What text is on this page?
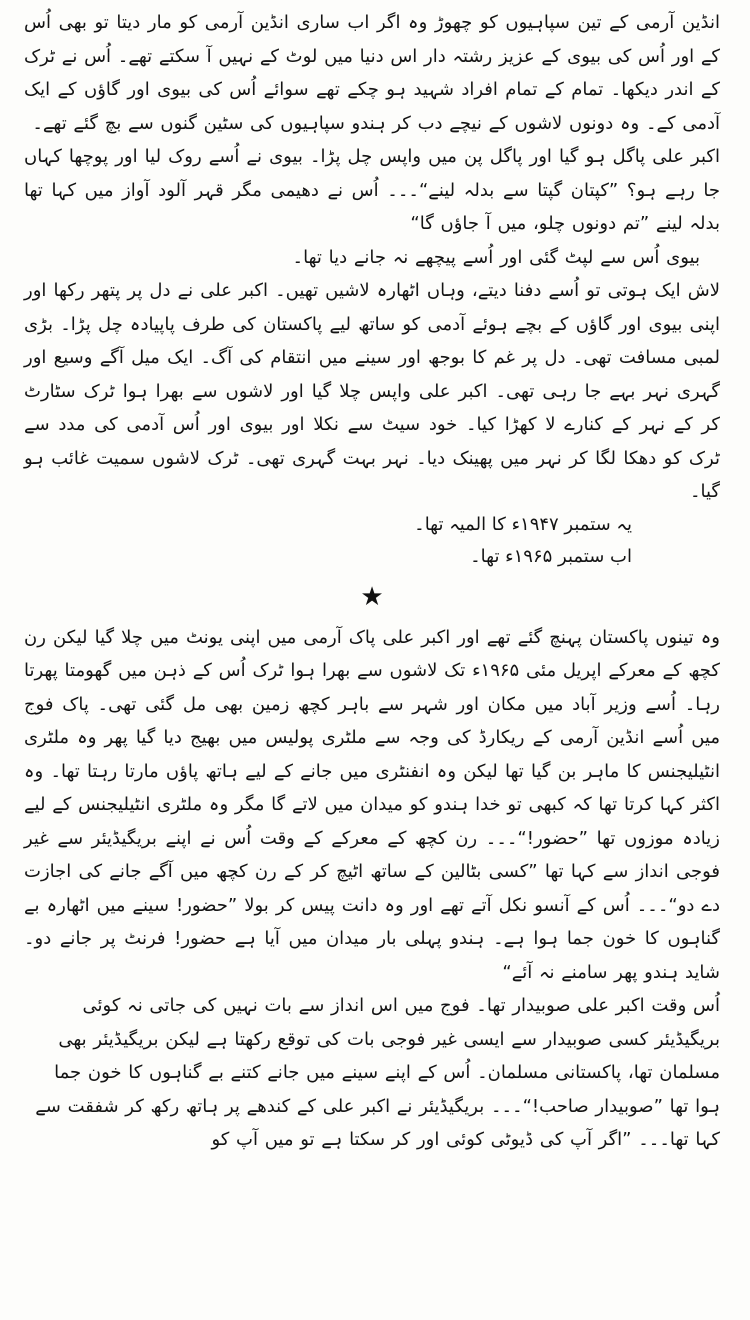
انڈین آرمی کے تین سپاہیوں کو چھوڑ وہ اگر اب ساری انڈین آرمی کو مار دیتا تو بھی اُس کے اور اُس کی بیوی کے عزیز رشتہ دار اس دنیا میں لوٹ کے نہیں آ سکتے تھے۔ اُس نے ٹرک کے اندر دیکھا۔ تمام کے تمام افراد شہید ہو چکے تھے سوائے اُس کی بیوی اور گاؤں کے ایک آدمی کے۔ وہ دونوں لاشوں کے نیچے دب کر ہندو سپاہیوں کی سٹین گنوں سے بچ گئے تھے۔

اکبر علی پاگل ہو گیا اور پاگل پن میں واپس چل پڑا۔ بیوی نے اُسے روک لیا اور پوچھا کہاں جا رہے ہو؟ ”کپتان گپتا سے بدلہ لینے“۔۔۔ اُس نے دھیمی مگر قہر آلود آواز میں کہا تھا بدلہ لینے ”تم دونوں چلو، میں آ جاؤں گا“

بیوی اُس سے لپٹ گئی اور اُسے پیچھے نہ جانے دیا تھا۔

لاش ایک ہوتی تو اُسے دفنا دیتے، وہاں اٹھارہ لاشیں تھیں۔ اکبر علی نے دل پر پتھر رکھا اور اپنی بیوی اور گاؤں کے بچے ہوئے آدمی کو ساتھ لیے پاکستان کی طرف پاپیادہ چل پڑا۔ بڑی لمبی مسافت تھی۔ دل پر غم کا بوجھ اور سینے میں انتقام کی آگ۔ ایک میل آگے وسیع اور گہری نہر بہے جا رہی تھی۔ اکبر علی واپس چلا گیا اور لاشوں سے بھرا ہوا ٹرک سٹارٹ کر کے نہر کے کنارے لا کھڑا کیا۔ خود سیٹ سے نکلا اور بیوی اور اُس آدمی کی مدد سے ٹرک کو دھکا لگا کر نہر میں پھینک دیا۔ نہر بہت گہری تھی۔ ٹرک لاشوں سمیت غائب ہو گیا۔

یہ ستمبر ۱۹۴۷ء کا المیہ تھا۔
اب ستمبر ۱۹۶۵ء تھا۔
★

وہ تینوں پاکستان پہنچ گئے تھے اور اکبر علی پاک آرمی میں اپنی یونٹ میں چلا گیا لیکن رن کچھ کے معرکے اپریل مئی ۱۹۶۵ء تک لاشوں سے بھرا ہوا ٹرک اُس کے ذہن میں گھومتا پھرتا رہا۔ اُسے وزیر آباد میں مکان اور شہر سے باہر کچھ زمین بھی مل گئی تھی۔ پاک فوج میں اُسے انڈین آرمی کے ریکارڈ کی وجہ سے ملٹری پولیس میں بھیج دیا گیا پھر وہ ملٹری انٹیلیجنس کا ماہر بن گیا تھا لیکن وہ انفنٹری میں جانے کے لیے ہاتھ پاؤں مارتا رہتا تھا۔ وہ اکثر کہا کرتا تھا کہ کبھی تو خدا ہندو کو میدان میں لاتے گا مگر وہ ملٹری انٹیلیجنس کے لیے زیادہ موزوں تھا ”حضور!“۔۔۔ رن کچھ کے معرکے کے وقت اُس نے اپنے بریگیڈیئر سے غیر فوجی انداز سے کہا تھا ”کسی بٹالین کے ساتھ اٹیچ کر کے رن کچھ میں آگے جانے کی اجازت دے دو“۔۔۔ اُس کے آنسو نکل آتے تھے اور وہ دانت پیس کر بولا ”حضور! سینے میں اٹھارہ بے گناہوں کا خون جما ہوا ہے۔ ہندو پہلی بار میدان میں آیا ہے حضور! فرنٹ پر جانے دو۔ شاید ہندو پھر سامنے نہ آئے“

اُس وقت اکبر علی صوبیدار تھا۔ فوج میں اس انداز سے بات نہیں کی جاتی نہ کوئی بریگیڈیئر کسی صوبیدار سے ایسی غیر فوجی بات کی توقع رکھتا ہے لیکن بریگیڈیئر بھی مسلمان تھا، پاکستانی مسلمان۔ اُس کے اپنے سینے میں جانے کتنے بے گناہوں کا خون جما ہوا تھا ”صوبیدار صاحب!“۔۔۔ بریگیڈیئر نے اکبر علی کے کندھے پر ہاتھ رکھ کر شفقت سے کہا تھا۔۔۔ ”اگر آپ کی ڈیوٹی کوئی اور کر سکتا ہے تو میں آپ کو
